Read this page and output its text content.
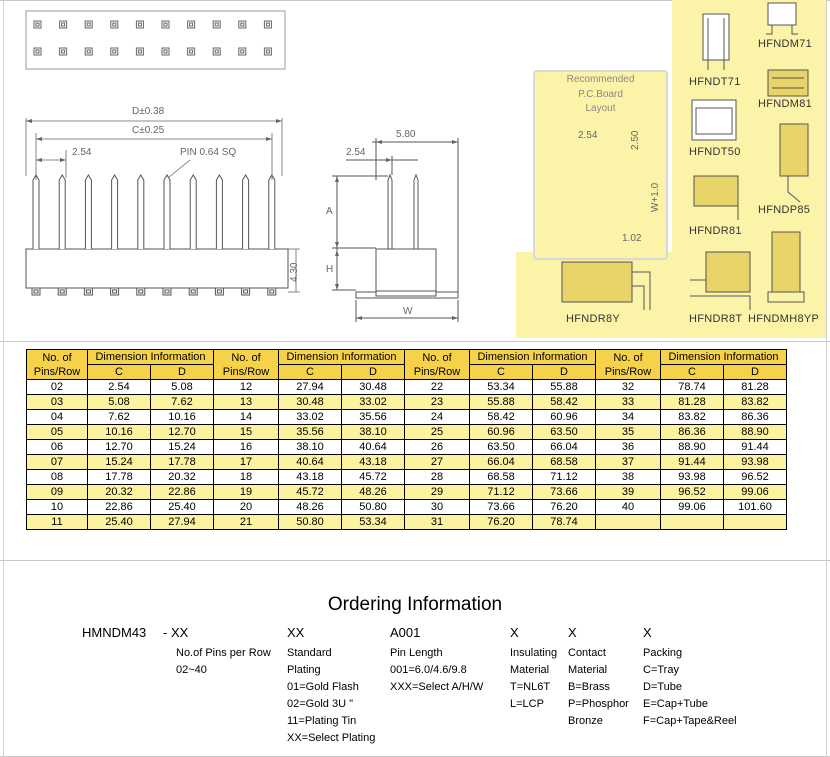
D±0.38
C±0.25
2.54	PIN 0.64 SQ
4.30
5.80
2.54
A
H
W
Recommended
P.C.Board
Layout
2.54	2.50
W+1.0
1.02
HFNDM71
HFNDT71
HFNDM81
HFNDT50
HFNDP85
HFNDR81
HFNDR8Y	HFNDR8T HFNDMH8YP
No. of
Pins/Row	Dimension Information		No. of
Pins/Row	Dimension Information		No. of
Pins/Row	Dimension Information		No. of
Pins/Row	Dimension Information	
	C	D		C	D		C	D		C	D
02	2.54	5.08	12	27.94	30.48	22	53.34	55.88	32	78.74	81.28
03	5.08	7.62	13	30.48	33.02	23	55.88	58.42	33	81.28	83.82
04	7.62	10.16	14	33.02	35.56	24	58.42	60.96	34	83.82	86.36
05	10.16	12.70	15	35.56	38.10	25	60.96	63.50	35	86.36	88.90
06	12.70	15.24	16	38.10	40.64	26	63.50	66.04	36	88.90	91.44
07	15.24	17.78	17	40.64	43.18	27	66.04	68.58	37	91.44	93.98
08	17.78	20.32	18	43.18	45.72	28	68.58	71.12	38	93.98	96.52
09	20.32	22.86	19	45.72	48.26	29	71.12	73.66	39	96.52	99.06
10	22.86	25.40	20	48.26	50.80	30	73.66	76.20	40	99.06	101.60
11	25.40	27.94	21	50.80	53.34	31	76.20	78.74			
Ordering Information
HMNDM43 - XX	XX	A001	X	X	X
No.of Pins per Row
02~40
Standard
Plating
01=Gold Flash
02=Gold 3U "
11=Plating Tin
XX=Select Plating
Pin Length
001=6.0/4.6/9.8
XXX=Select A/H/W
Insulating
Material
T=NL6T
L=LCP
Contact
Material
B=Brass
P=Phosphor
Bronze
Packing
C=Tray
D=Tube
E=Cap+Tube
F=Cap+Tape&Reel
